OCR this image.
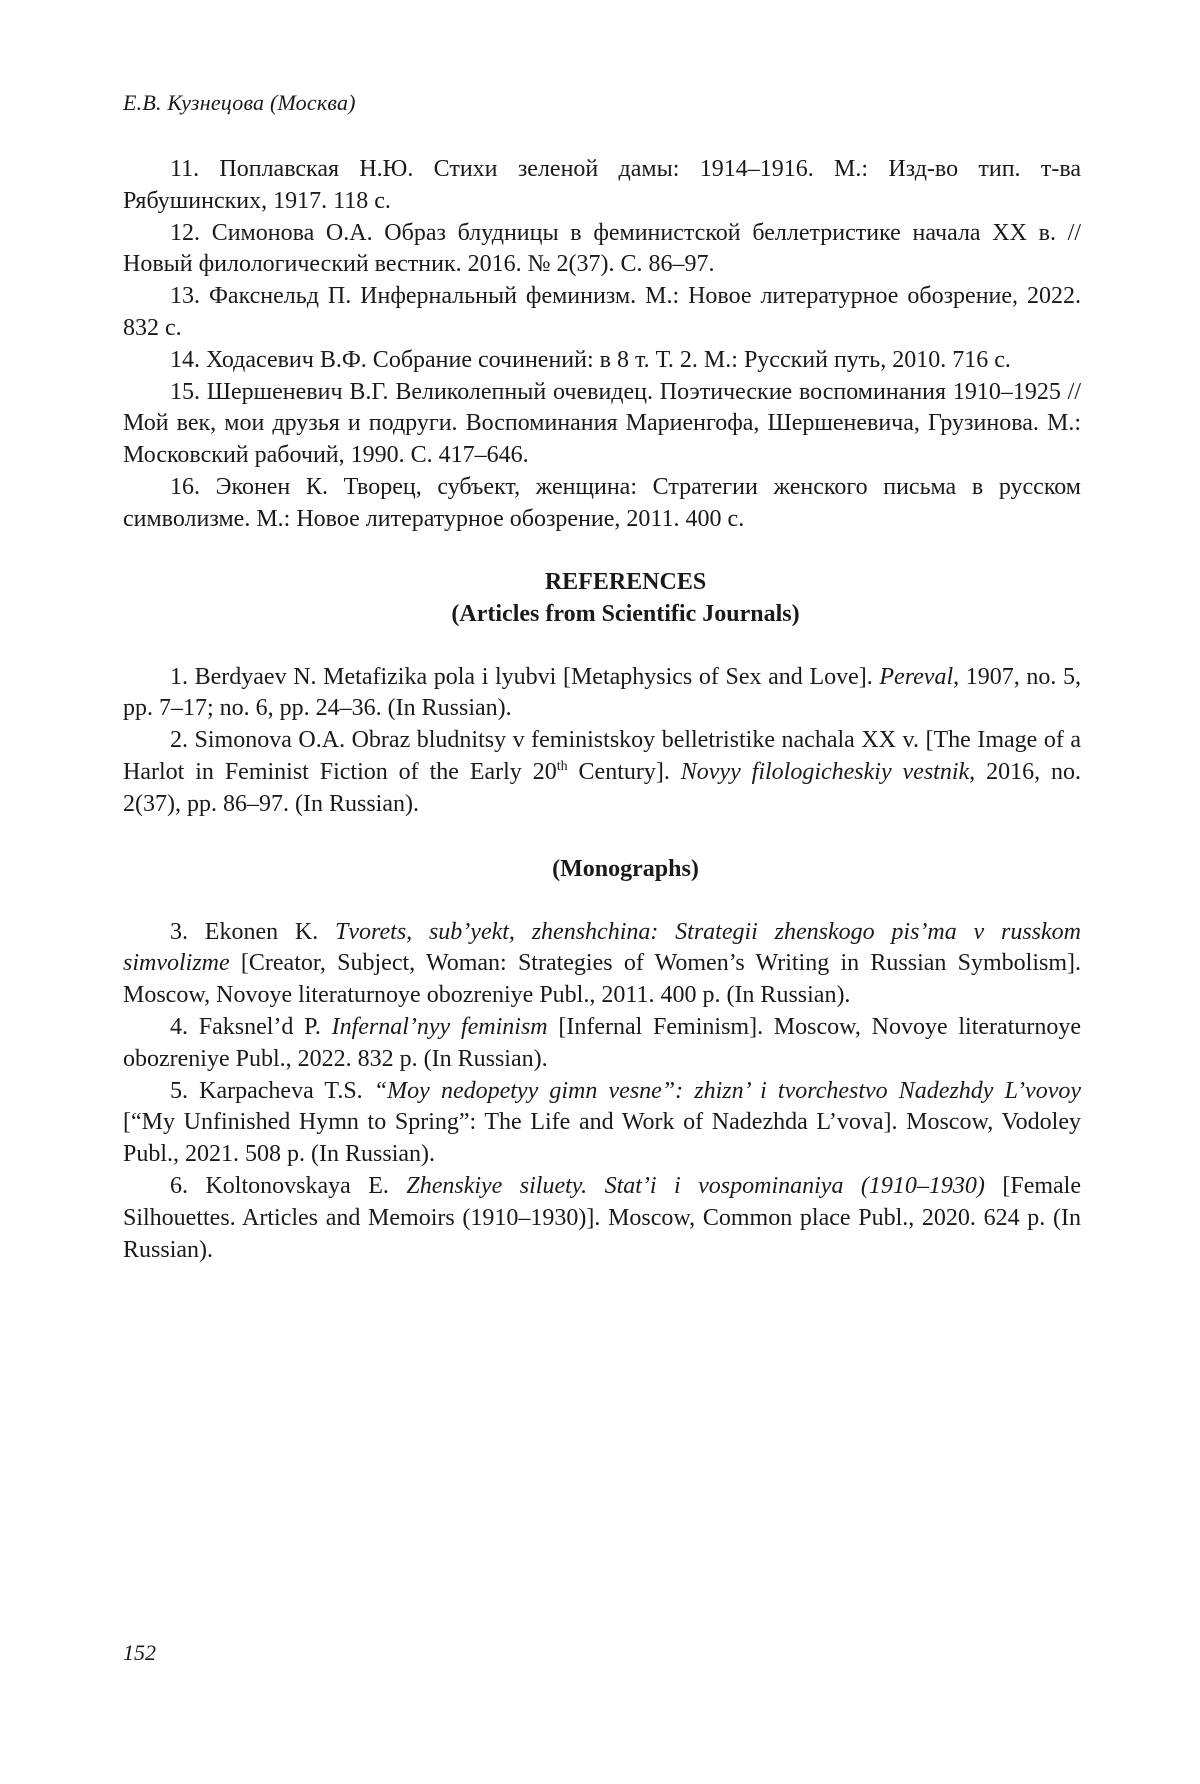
Е.В. Кузнецова (Москва)

11. Поплавская Н.Ю. Стихи зеленой дамы: 1914–1916. М.: Изд-во тип. т-ва Рябушинских, 1917. 118 с.

12. Симонова О.А. Образ блудницы в феминистской беллетристике начала XX в. // Новый филологический вестник. 2016. № 2(37). С. 86–97.

13. Факснельд П. Инфернальный феминизм. М.: Новое литературное обозрение, 2022. 832 с.

14. Ходасевич В.Ф. Собрание сочинений: в 8 т. Т. 2. М.: Русский путь, 2010. 716 с.

15. Шершеневич В.Г. Великолепный очевидец. Поэтические воспоминания 1910–1925 // Мой век, мои друзья и подруги. Воспоминания Мариенгофа, Шершеневича, Грузинова. М.: Московский рабочий, 1990. С. 417–646.

16. Эконен К. Творец, субъект, женщина: Стратегии женского письма в русском символизме. М.: Новое литературное обозрение, 2011. 400 с.

REFERENCES

(Articles from Scientific Journals)

1. Berdyaev N. Metafizika pola i lyubvi [Metaphysics of Sex and Love]. Pereval, 1907, no. 5, pp. 7–17; no. 6, pp. 24–36. (In Russian).

2. Simonova O.A. Obraz bludnitsy v feministskoy belletristike nachala XX v. [The Image of a Harlot in Feminist Fiction of the Early 20th Century]. Novyy filologicheskiy vestnik, 2016, no. 2(37), pp. 86–97. (In Russian).

(Monographs)

3. Ekonen K. Tvorets, sub’yekt, zhenshchina: Strategii zhenskogo pis’ma v russkom simvolizme [Creator, Subject, Woman: Strategies of Women’s Writing in Russian Symbolism]. Moscow, Novoye literaturnoye obozreniye Publ., 2011. 400 p. (In Russian).

4. Faksnel’d P. Infernal’nyy feminism [Infernal Feminism]. Moscow, Novoye literaturnoye obozreniye Publ., 2022. 832 p. (In Russian).

5. Karpacheva T.S. “Moy nedopetyy gimn vesne”: zhizn’ i tvorchestvo Nadezhdy L’vovoy [“My Unfinished Hymn to Spring”: The Life and Work of Nadezhda L’vova]. Moscow, Vodoley Publ., 2021. 508 p. (In Russian).

6. Koltonovskaya E. Zhenskiye siluety. Stat’i i vospominaniya (1910–1930) [Female Silhouettes. Articles and Memoirs (1910–1930)]. Moscow, Common place Publ., 2020. 624 p. (In Russian).

152
